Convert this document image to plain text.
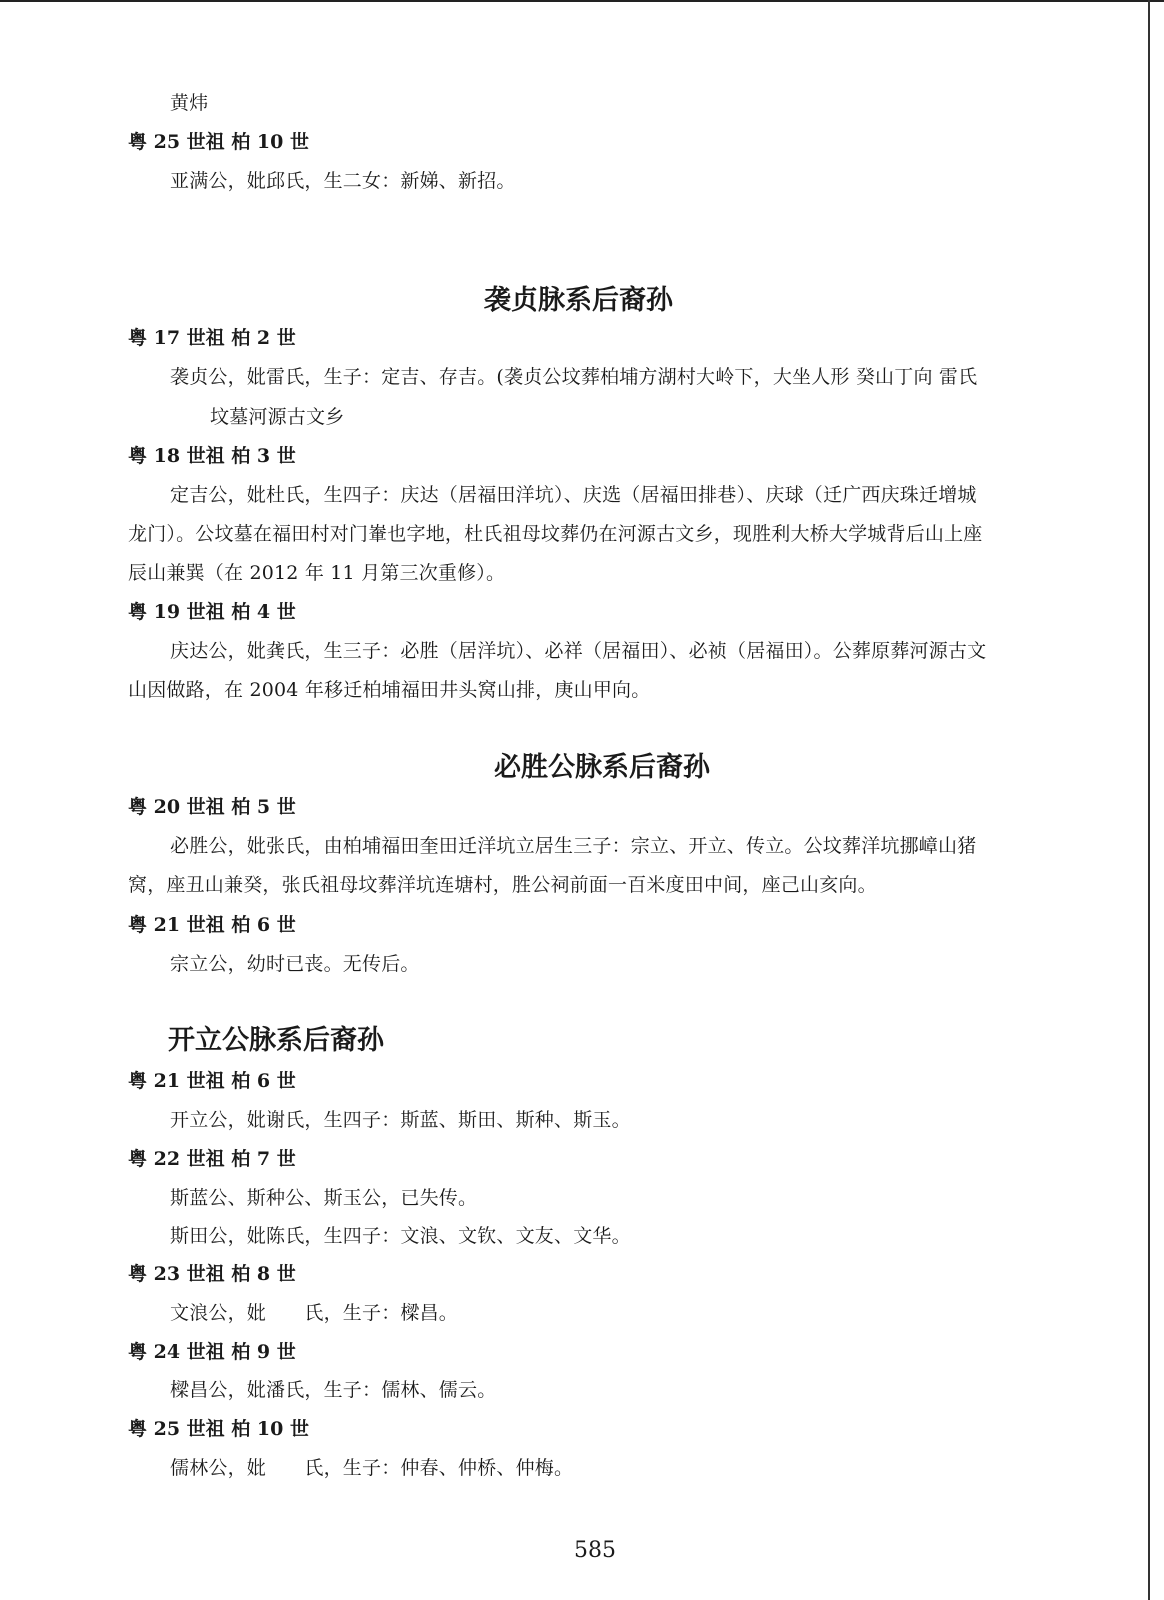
黄炜
粤 25 世祖 柏 10 世
亚满公，妣邱氏，生二女：新娣、新招。
袭贞脉系后裔孙
粤 17 世祖 柏 2 世
袭贞公，妣雷氏，生子：定吉、存吉。(袭贞公坟葬柏埔方湖村大岭下，大坐人形 癸山丁向 雷氏
坟墓河源古文乡
粤 18 世祖 柏 3 世
定吉公，妣杜氏，生四子：庆达（居福田洋坑）、庆选（居福田排巷）、庆球（迁广西庆珠迁增城
龙门）。公坟墓在福田村对门輋也字地，杜氏祖母坟葬仍在河源古文乡，现胜利大桥大学城背后山上座
辰山兼巽（在 2012 年 11 月第三次重修）。
粤 19 世祖 柏 4 世
庆达公，妣龚氏，生三子：必胜（居洋坑）、必祥（居福田）、必祯（居福田）。公葬原葬河源古文
山因做路，在 2004 年移迁柏埔福田井头窝山排，庚山甲向。
必胜公脉系后裔孙
粤 20 世祖 柏 5 世
必胜公，妣张氏，由柏埔福田奎田迁洋坑立居生三子：宗立、开立、传立。公坟葬洋坑挪嶂山猪
窝，座丑山兼癸，张氏祖母坟葬洋坑连塘村，胜公祠前面一百米度田中间，座己山亥向。
粤 21 世祖 柏 6 世
宗立公，幼时已丧。无传后。
开立公脉系后裔孙
粤 21 世祖 柏 6 世
开立公，妣谢氏，生四子：斯蓝、斯田、斯种、斯玉。
粤 22 世祖 柏 7 世
斯蓝公、斯种公、斯玉公，已失传。
斯田公，妣陈氏，生四子：文浪、文钦、文友、文华。
粤 23 世祖 柏 8 世
文浪公，妣　　氏，生子：樑昌。
粤 24 世祖 柏 9 世
樑昌公，妣潘氏，生子：儒林、儒云。
粤 25 世祖 柏 10 世
儒林公，妣　　氏，生子：仲春、仲桥、仲梅。
585
